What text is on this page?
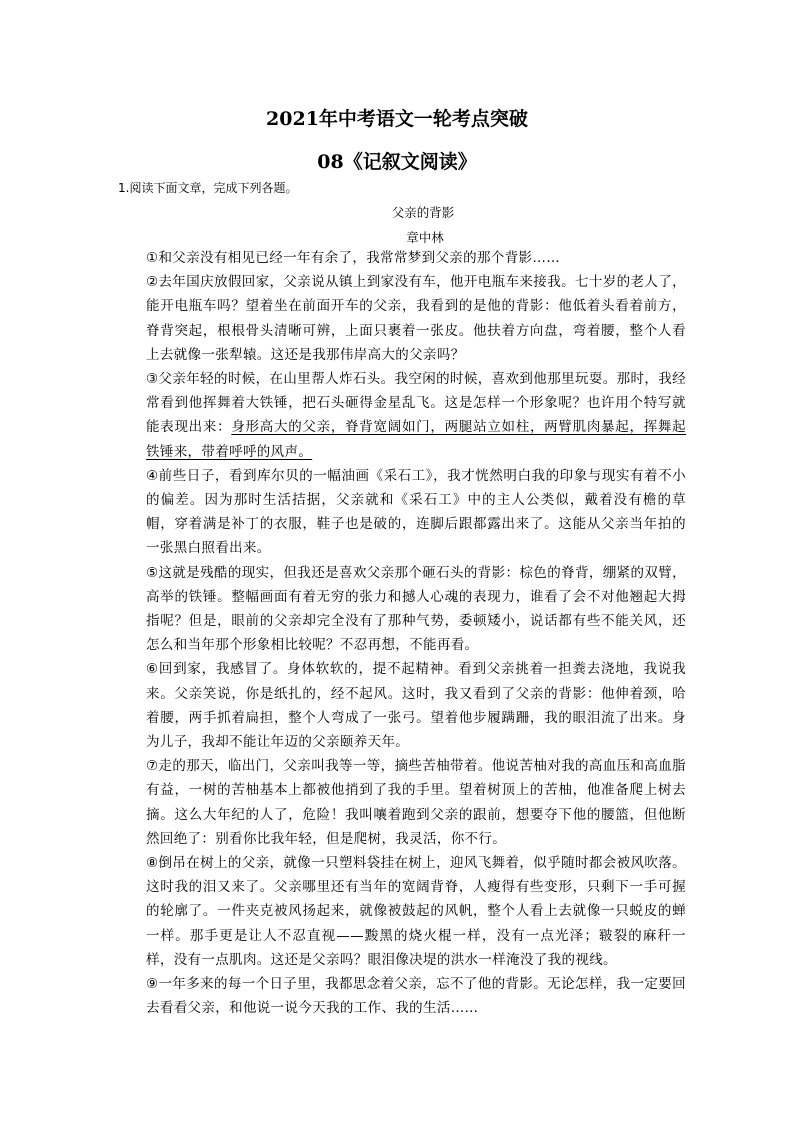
2021年中考语文一轮考点突破
08《记叙文阅读》

1.阅读下面文章，完成下列各题。

父亲的背影

章中林

①和父亲没有相见已经一年有余了，我常常梦到父亲的那个背影……

②去年国庆放假回家，父亲说从镇上到家没有车，他开电瓶车来接我。七十岁的老人了，能开电瓶车吗？望着坐在前面开车的父亲，我看到的是他的背影：他低着头看着前方，脊背突起，根根骨头清晰可辨，上面只裹着一张皮。他扶着方向盘，弯着腰，整个人看上去就像一张犁辕。这还是我那伟岸高大的父亲吗？

③父亲年轻的时候，在山里帮人炸石头。我空闲的时候，喜欢到他那里玩耍。那时，我经常看到他挥舞着大铁锤，把石头砸得金星乱飞。这是怎样一个形象呢？也许用个特写就能表现出来：身形高大的父亲，脊背宽阔如门，两腿站立如柱，两臂肌肉暴起，挥舞起铁锤来，带着呼呼的风声。

④前些日子，看到库尔贝的一幅油画《采石工》，我才恍然明白我的印象与现实有着不小的偏差。因为那时生活拮据，父亲就和《采石工》中的主人公类似，戴着没有檐的草帽，穿着满是补丁的衣服，鞋子也是破的，连脚后跟都露出来了。这能从父亲当年拍的一张黑白照看出来。

⑤这就是残酷的现实，但我还是喜欢父亲那个砸石头的背影：棕色的脊背，绷紧的双臂，高举的铁锤。整幅画面有着无穷的张力和撼人心魂的表现力，谁看了会不对他翘起大拇指呢？但是，眼前的父亲却完全没有了那种气势，委顿矮小，说话都有些不能关风，还怎么和当年那个形象相比较呢？不忍再想，不能再看。

⑥回到家，我感冒了。身体软软的，提不起精神。看到父亲挑着一担粪去浇地，我说我来。父亲笑说，你是纸扎的，经不起风。这时，我又看到了父亲的背影：他伸着颈，哈着腰，两手抓着扁担，整个人弯成了一张弓。望着他步履蹒跚，我的眼泪流了出来。身为儿子，我却不能让年迈的父亲颐养天年。

⑦走的那天，临出门，父亲叫我等一等，摘些苦柚带着。他说苦柚对我的高血压和高血脂有益，一树的苦柚基本上都被他捎到了我的手里。望着树顶上的苦柚，他准备爬上树去摘。这么大年纪的人了，危险！我叫嚷着跑到父亲的跟前，想要夺下他的腰篮，但他断然回绝了：别看你比我年轻，但是爬树，我灵活，你不行。

⑧倒吊在树上的父亲，就像一只塑料袋挂在树上，迎风飞舞着，似乎随时都会被风吹落。这时我的泪又来了。父亲哪里还有当年的宽阔背脊，人瘦得有些变形，只剩下一手可握的轮廓了。一件夹克被风扬起来，就像被鼓起的风帆，整个人看上去就像一只蜕皮的蝉一样。那手更是让人不忍直视——黢黑的烧火棍一样，没有一点光泽；皲裂的麻秆一样，没有一点肌肉。这还是父亲吗？眼泪像决堤的洪水一样淹没了我的视线。

⑨一年多来的每一个日子里，我都思念着父亲，忘不了他的背影。无论怎样，我一定要回去看看父亲，和他说一说今天我的工作、我的生活……
